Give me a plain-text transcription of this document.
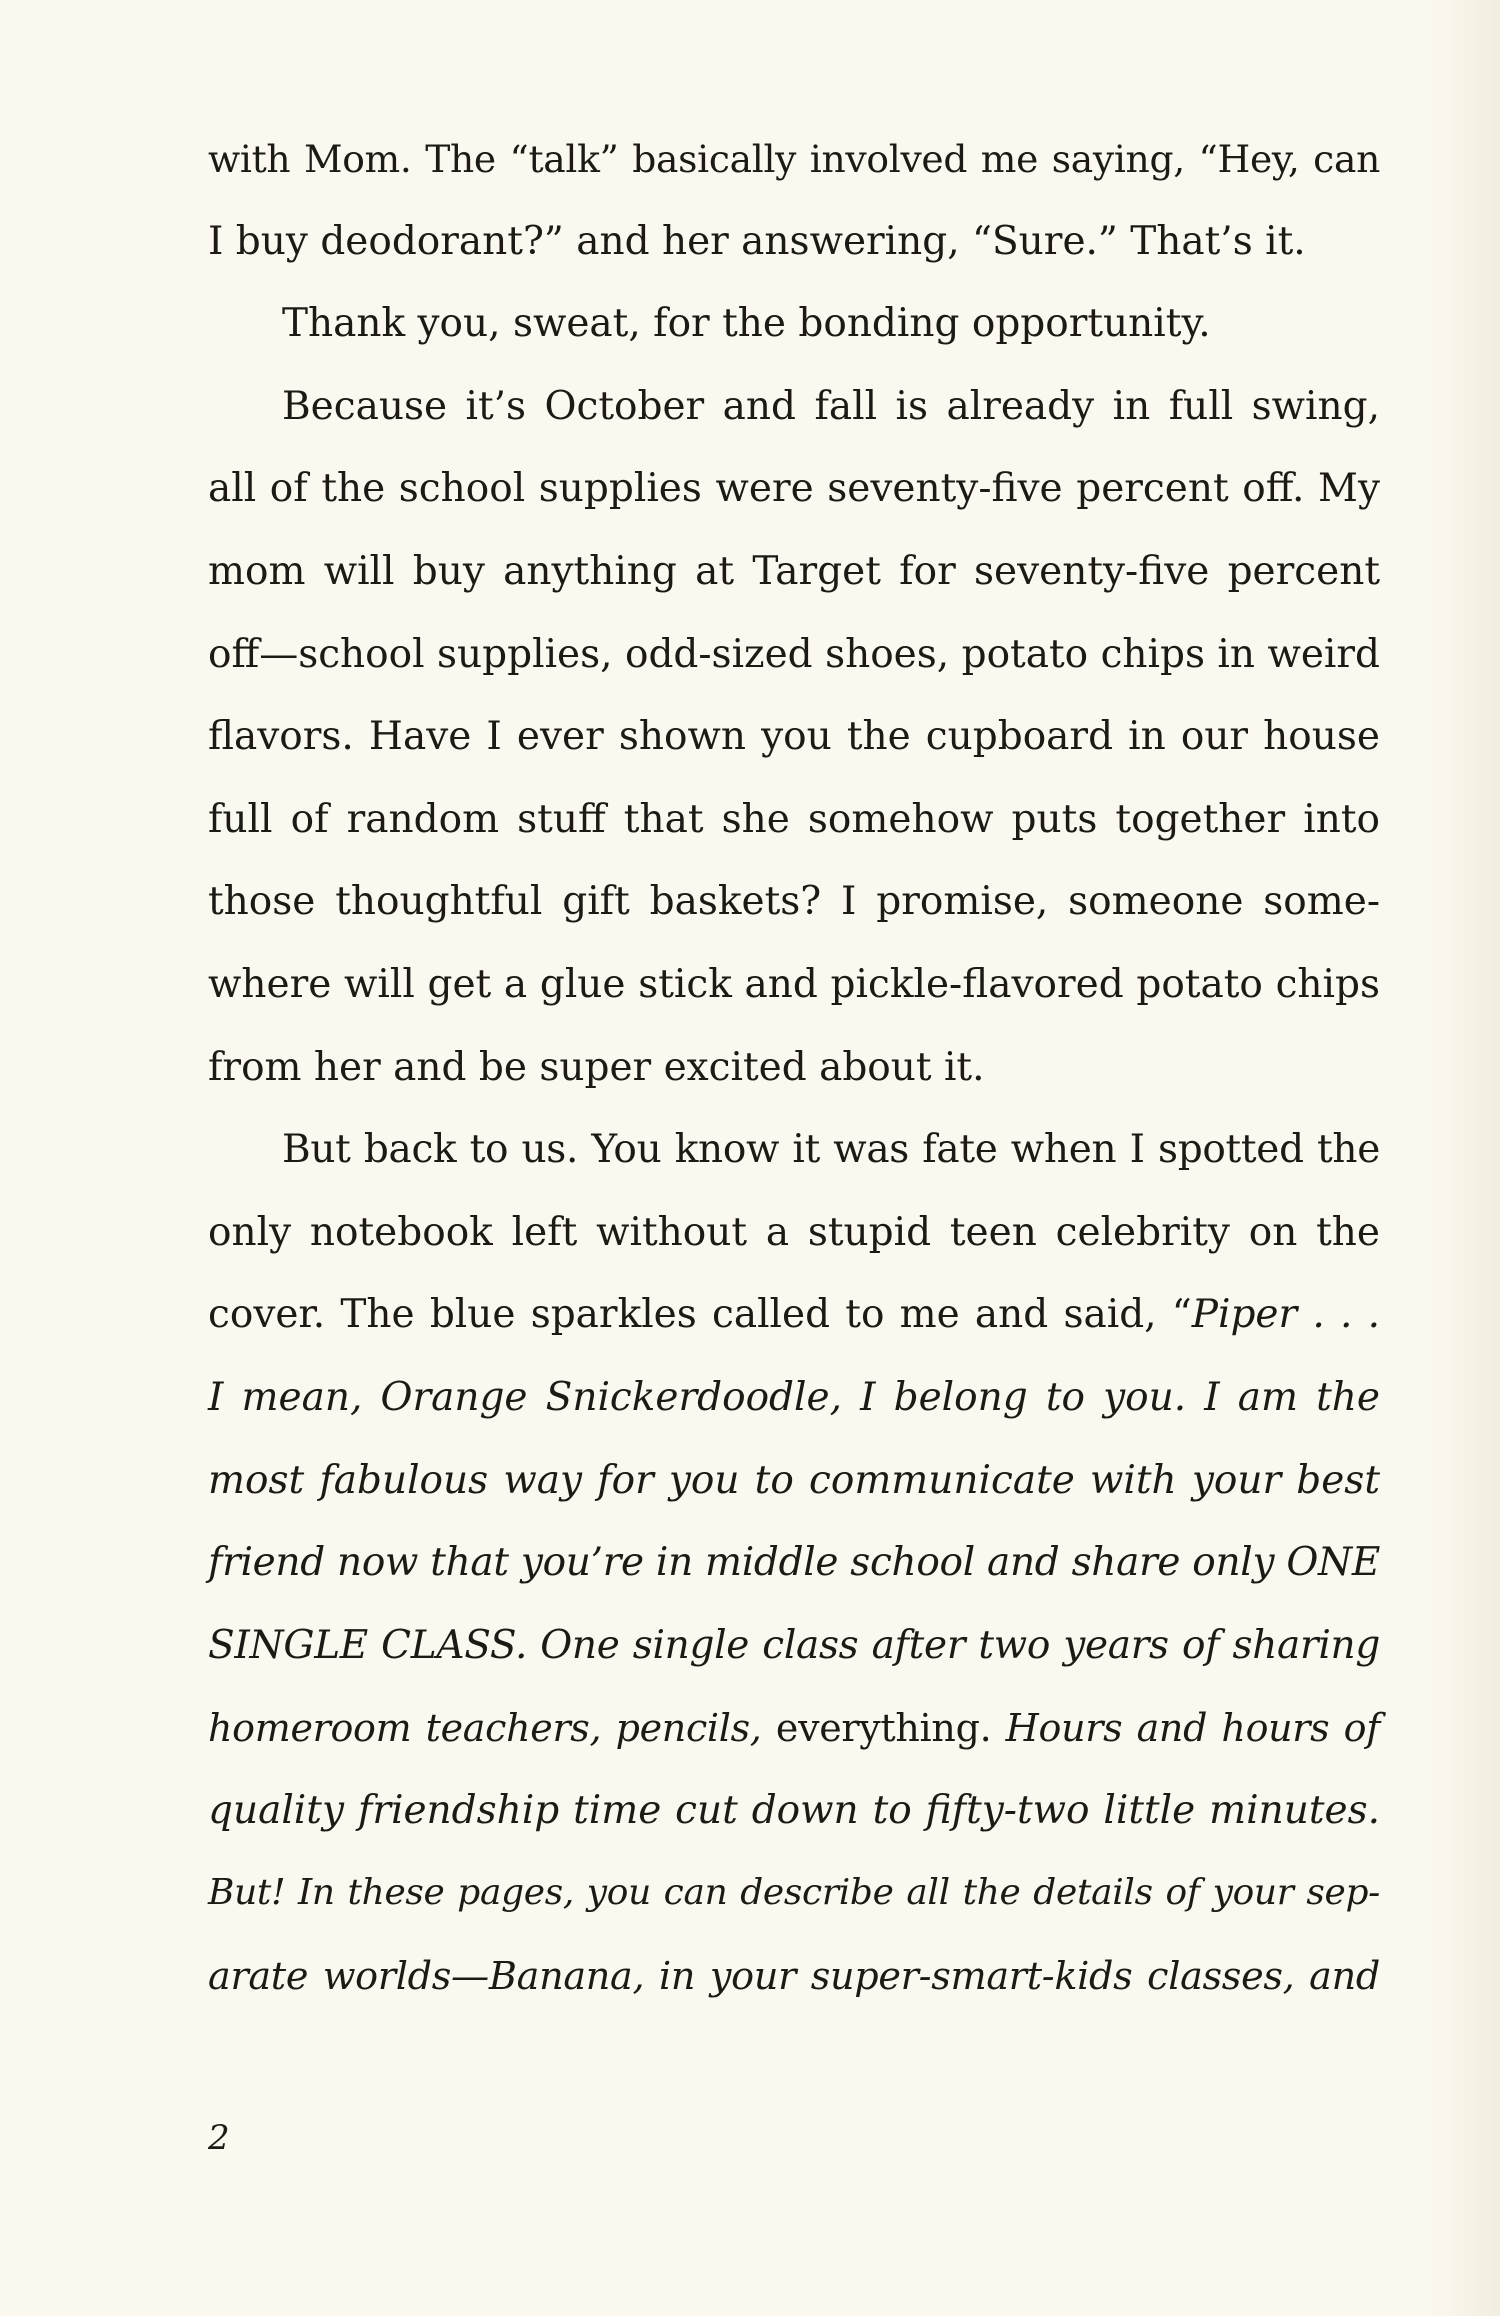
with Mom. The “talk” basically involved me saying, “Hey, can
I buy deodorant?” and her answering, “Sure.” That’s it.
Thank you, sweat, for the bonding opportunity.
Because it’s October and fall is already in full swing,
all of the school supplies were seventy-five percent off. My
mom will buy anything at Target for seventy-five percent
off—school supplies, odd-sized shoes, potato chips in weird
flavors. Have I ever shown you the cupboard in our house
full of random stuff that she somehow puts together into
those thoughtful gift baskets? I promise, someone some-
where will get a glue stick and pickle-flavored potato chips
from her and be super excited about it.
But back to us. You know it was fate when I spotted the
only notebook left without a stupid teen celebrity on the
cover. The blue sparkles called to me and said, “Piper . . .
I mean, Orange Snickerdoodle, I belong to you. I am the
most fabulous way for you to communicate with your best
friend now that you’re in middle school and share only ONE
SINGLE CLASS. One single class after two years of sharing
homeroom teachers, pencils, everything. Hours and hours of
quality friendship time cut down to fifty-two little minutes.
But! In these pages, you can describe all the details of your sep-
arate worlds—Banana, in your super-smart-kids classes, and
2
